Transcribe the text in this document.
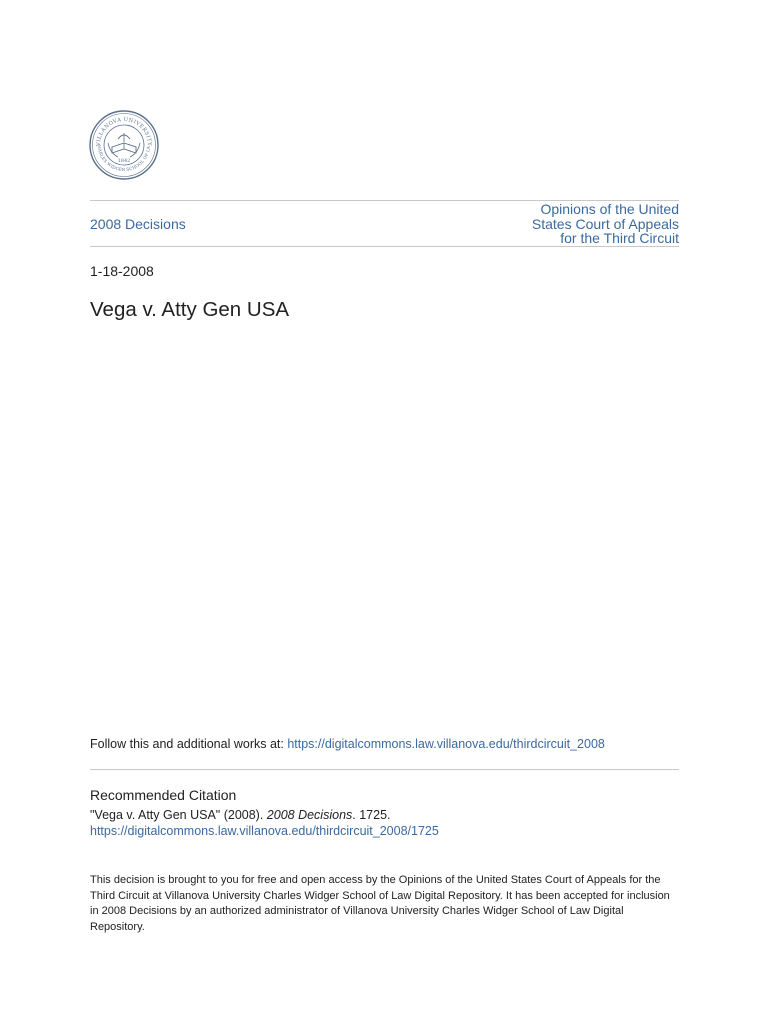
VILLANOVA UNIVERSITY
HARLES WIDGER SCHOOL OF LA
1842
2008 Decisions
Opinions of the United
States Court of Appeals
for the Third Circuit
1-18-2008
Vega v. Atty Gen USA
Follow this and additional works at: https://digitalcommons.law.villanova.edu/thirdcircuit_2008
Recommended Citation
"Vega v. Atty Gen USA" (2008). 2008 Decisions. 1725.
https://digitalcommons.law.villanova.edu/thirdcircuit_2008/1725
This decision is brought to you for free and open access by the Opinions of the United States Court of Appeals for the Third Circuit at Villanova University Charles Widger School of Law Digital Repository. It has been accepted for inclusion in 2008 Decisions by an authorized administrator of Villanova University Charles Widger School of Law Digital Repository.
